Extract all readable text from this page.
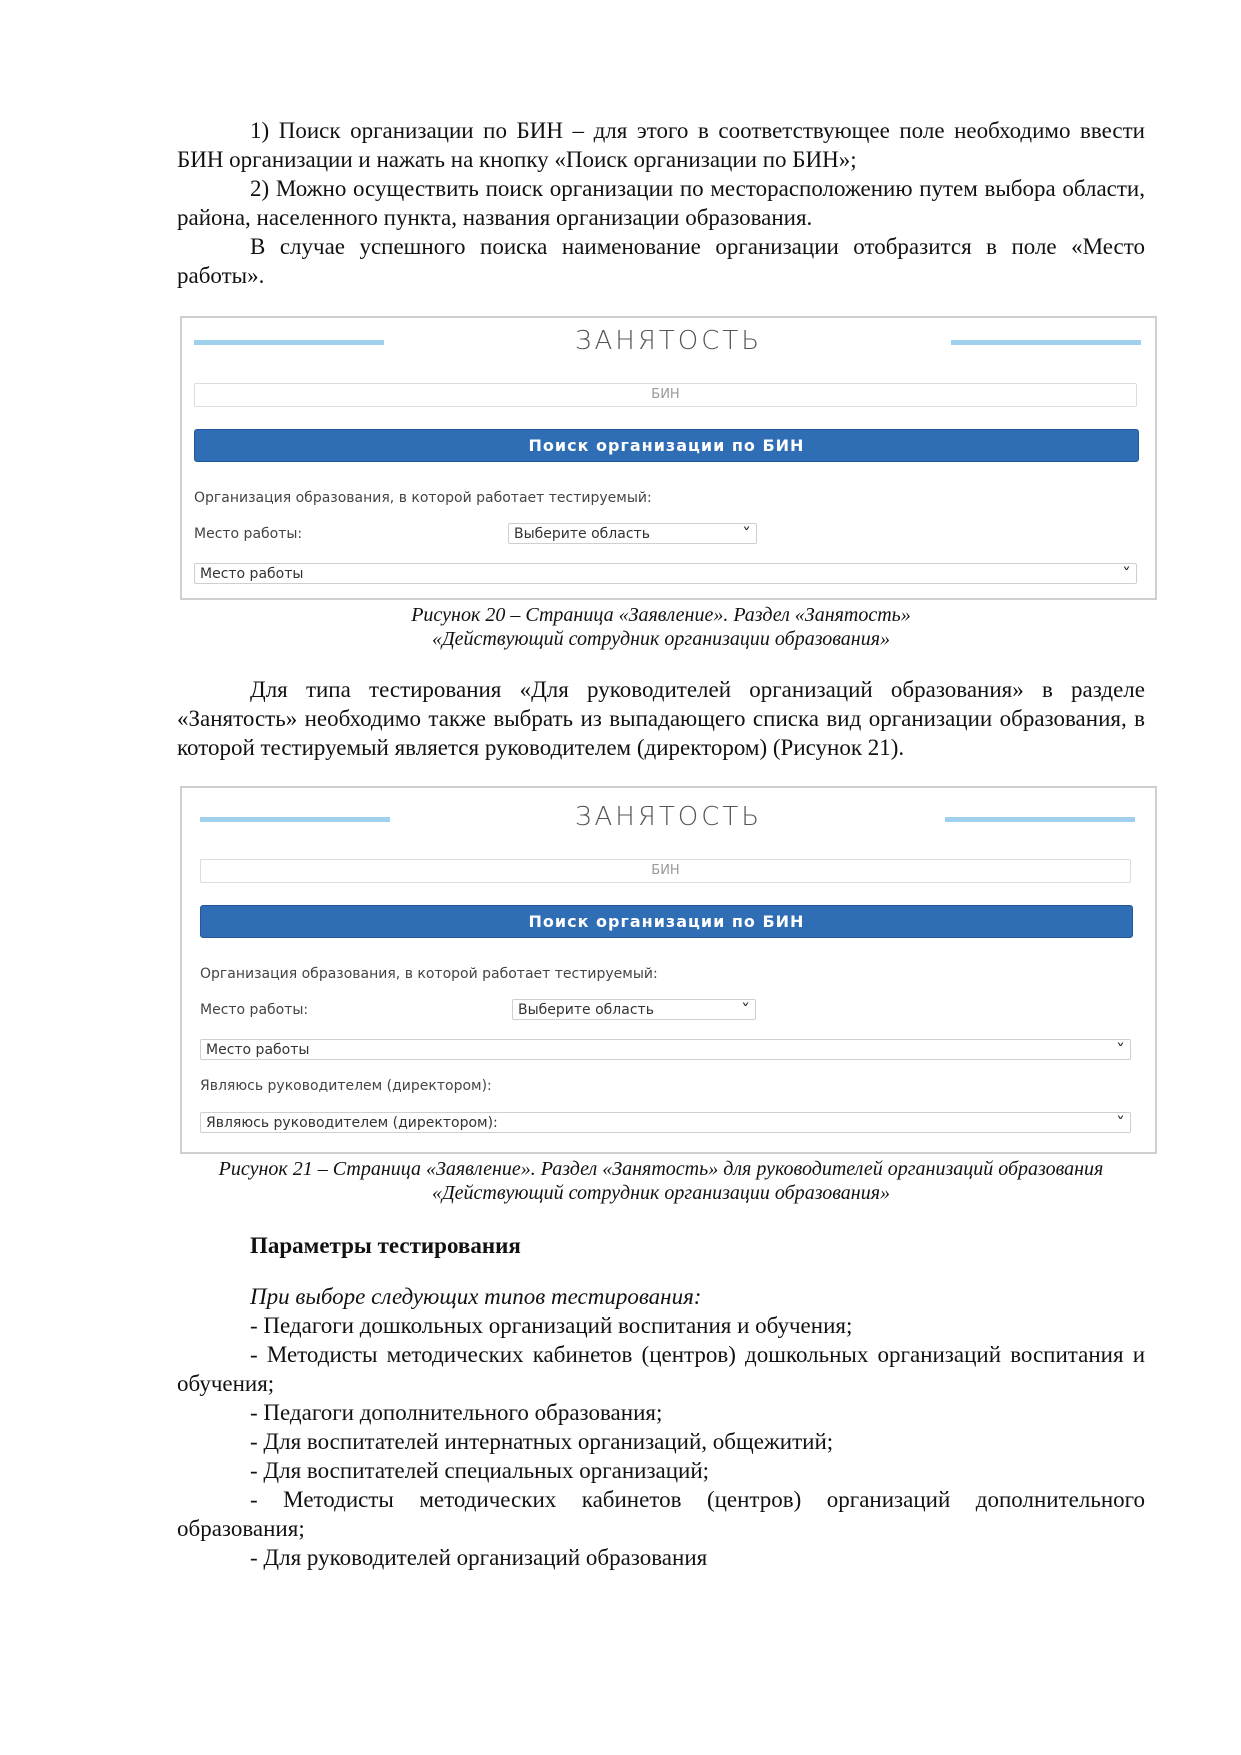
1) Поиск организации по БИН – для этого в соответствующее поле необходимо ввести БИН организации и нажать на кнопку «Поиск организации по БИН»;

2) Можно осуществить поиск организации по месторасположению путем выбора области, района, населенного пункта, названия организации образования.

В случае успешного поиска наименование организации отобразится в поле «Место работы».

ЗАНЯТОСТЬ
БИН
Поиск организации по БИН
Организация образования, в которой работает тестируемый:
Место работы:	Выберите область	˅
Место работы	˅

Рисунок 20 – Страница «Заявление». Раздел «Занятость»

«Действующий сотрудник организации образования»

Для типа тестирования «Для руководителей организаций образования» в разделе «Занятость» необходимо также выбрать из выпадающего списка вид организации образования, в которой тестируемый является руководителем (директором) (Рисунок 21).

ЗАНЯТОСТЬ
БИН
Поиск организации по БИН
Организация образования, в которой работает тестируемый:
Место работы:	Выберите область	˅
Место работы	˅
Являюсь руководителем (директором):
Являюсь руководителем (директором):	˅

Рисунок 21 – Страница «Заявление». Раздел «Занятость» для руководителей организаций образования

«Действующий сотрудник организации образования»

Параметры тестирования

При выборе следующих типов тестирования:

- Педагоги дошкольных организаций воспитания и обучения;
- Методисты методических кабинетов (центров) дошкольных организаций воспитания и обучения;
- Педагоги дополнительного образования;
- Для воспитателей интернатных организаций, общежитий;
- Для воспитателей специальных организаций;
- Методисты методических кабинетов (центров) организаций дополнительного образования;
- Для руководителей организаций образования
